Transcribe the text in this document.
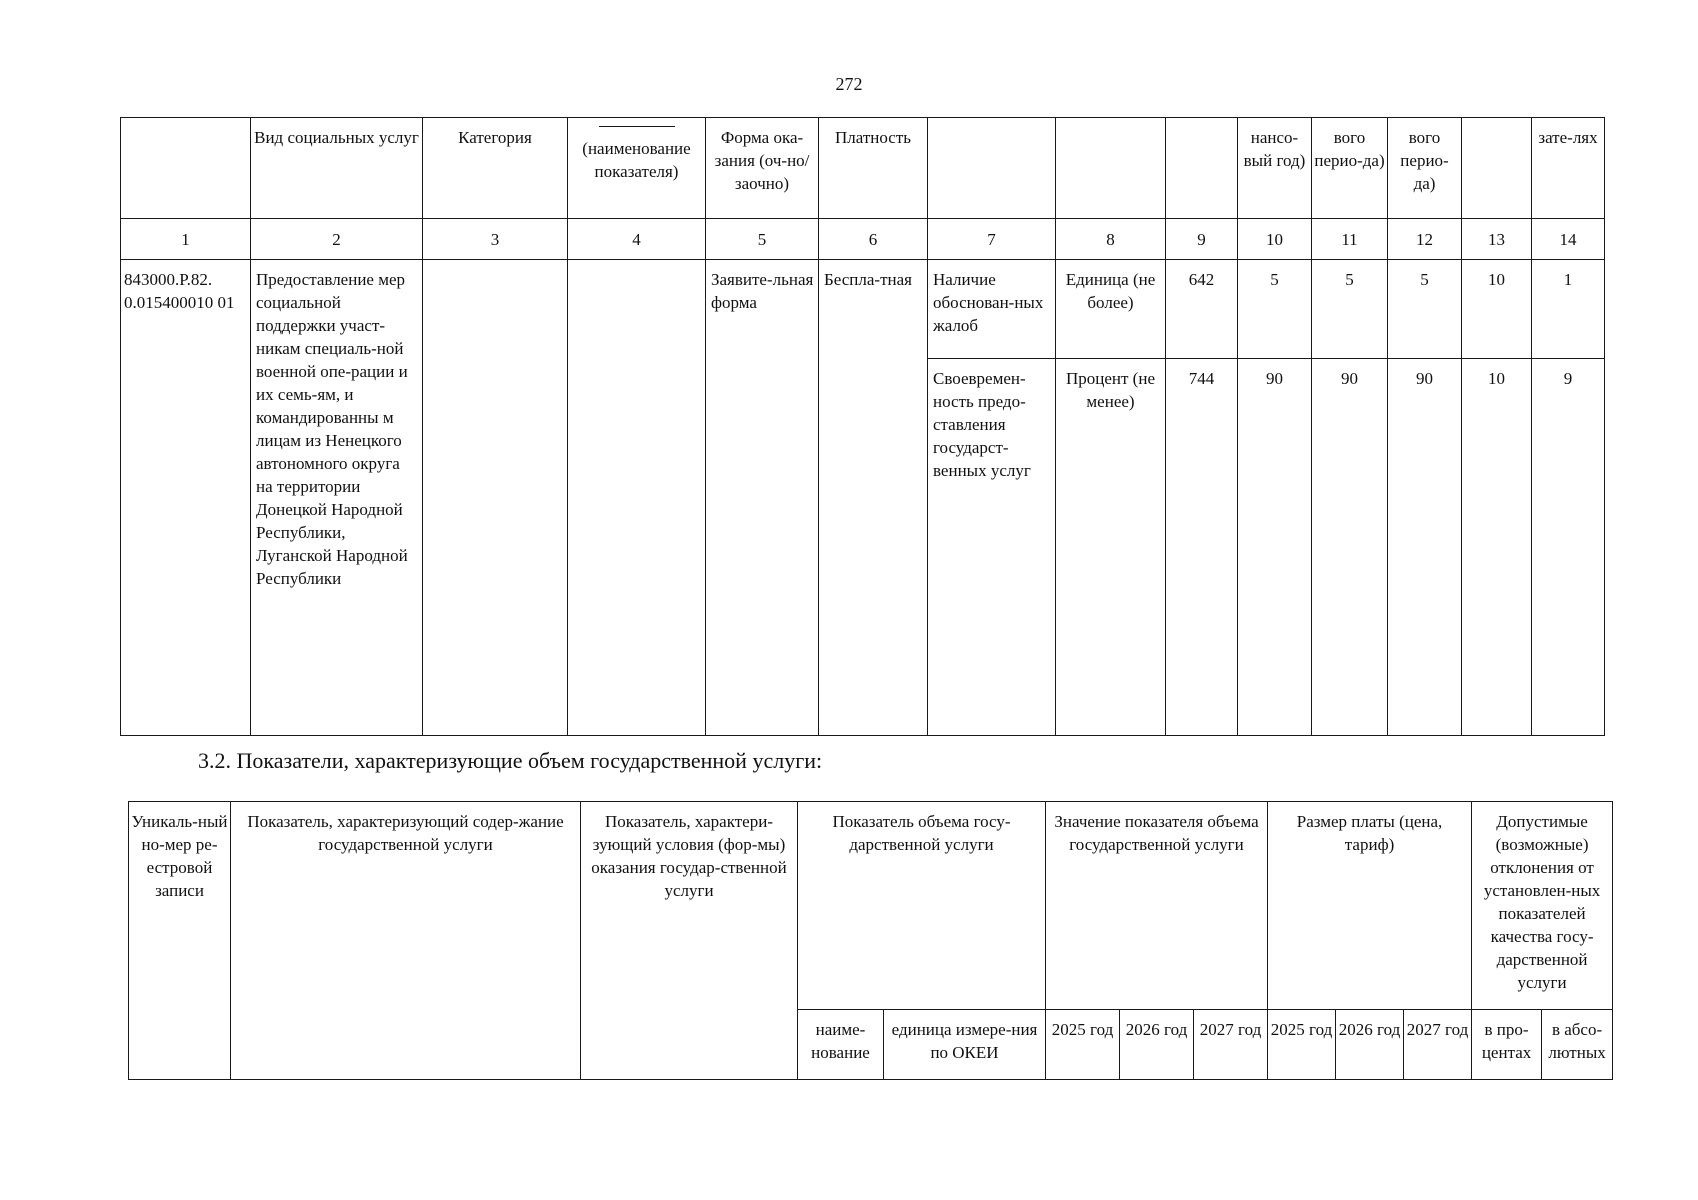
272
	Вид социальных услуг	Категория	(наименование показателя)	Форма ока-зания (оч-но/заочно)	Платность				нансо-вый год)	вого перио-да)	вого перио-да)		зате-лях
1	2	3	4	5	6	7	8	9	10	11	12	13	14
843000.Р.82. 0.015400010 01	Предоставление мер социальной поддержки участ-никам специаль-ной военной опе-рации и их семь-ям, и командированны м лицам из Ненецкого автономного округа на территории Донецкой Народной Республики, Луганской Народной Республики			Заявите-льная форма	Беспла-тная	Наличие обоснован-ных жалоб	Единица (не более)	642	5	5	5	10	1
						Своевремен-ность предо-ставления государст-венных услуг	Процент (не менее)	744	90	90	90	10	9
3.2. Показатели, характеризующие объем государственной услуги:
Уникаль-ный но-мер ре-естровой записи	Показатель, характеризующий содер-жание государственной услуги	Показатель, характери-зующий условия (фор-мы) оказания государ-ственной услуги	Показатель объема госу-дарственной услуги		Значение показателя объема государственной услуги			Размер платы (цена, тариф)			Допустимые (возможные) отклонения от установлен-ных показателей качества госу-дарственной услуги	
			наиме-нование	единица измере-ния по ОКЕИ	2025 год	2026 год	2027 год	2025 год	2026 год	2027 год	в про-центах	в абсо-лютных
